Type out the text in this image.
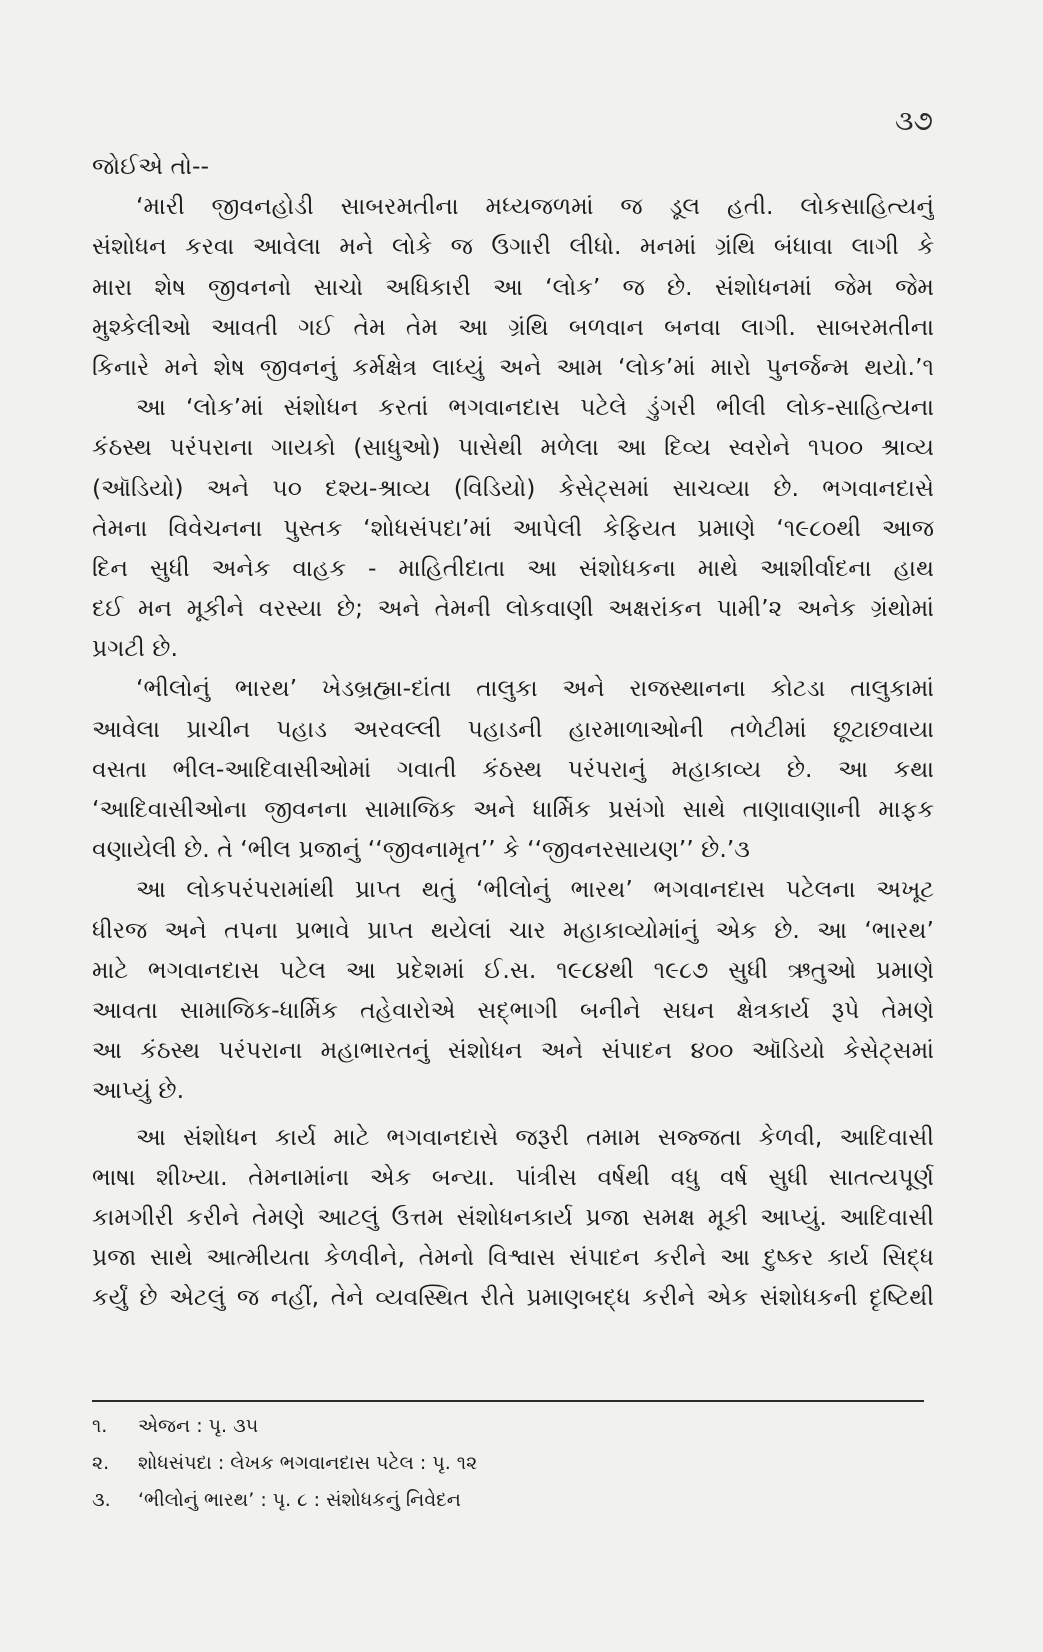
૩૭
જોઈએ તો--
‘મારી જીવનહોડી સાબરમતીના મધ્યજળમાં જ ડૂલ હતી. લોકસાહિત્યનું
સંશોધન કરવા આવેલા મને લોકે જ ઉગારી લીધો. મનમાં ગ્રંથિ બંધાવા લાગી કે
મારા શેષ જીવનનો સાચો અધિકારી આ ‘લોક’ જ છે. સંશોધનમાં જેમ જેમ
મુશ્કેલીઓ આવતી ગઈ તેમ તેમ આ ગ્રંથિ બળવાન બનવા લાગી. સાબરમતીના
કિનારે મને શેષ જીવનનું કર્મક્ષેત્ર લાધ્યું અને આમ ‘લોક’માં મારો પુનર્જન્મ થયો.’૧
આ ‘લોક’માં સંશોધન કરતાં ભગવાનદાસ પટેલે ડુંગરી ભીલી લોક-સાહિત્યના
કંઠસ્થ પરંપરાના ગાયકો (સાધુઓ) પાસેથી મળેલા આ દિવ્ય સ્વરોને ૧૫૦૦ શ્રાવ્ય
(ઑડિયો) અને ૫૦ દશ્ય-શ્રાવ્ય (વિડિયો) કેસેટ્સમાં સાચવ્યા છે. ભગવાનદાસે
તેમના વિવેચનના પુસ્તક ‘શોધસંપદા’માં આપેલી કેફિયત પ્રમાણે ‘૧૯૮૦થી આજ
દિન સુધી અનેક વાહક - માહિતીદાતા આ સંશોધકના માથે આશીર્વાદના હાથ
દઈ મન મૂકીને વરસ્યા છે; અને તેમની લોકવાણી અક્ષરાંકન પામી’૨ અનેક ગ્રંથોમાં
પ્રગટી છે.
‘ભીલોનું ભારથ’ ખેડબ્રહ્મા-દાંતા તાલુકા અને રાજસ્થાનના કોટડા તાલુકામાં
આવેલા પ્રાચીન પહાડ અરવલ્લી પહાડની હારમાળાઓની તળેટીમાં છૂટાછવાયા
વસતા ભીલ-આદિવાસીઓમાં ગવાતી કંઠસ્થ પરંપરાનું મહાકાવ્ય છે. આ કથા
‘આદિવાસીઓના જીવનના સામાજિક અને ધાર્મિક પ્રસંગો સાથે તાણાવાણાની માફક
વણાયેલી છે. તે ‘ભીલ પ્રજાનું ‘‘જીવનામૃત’’ કે ‘‘જીવનરસાયણ’’ છે.’૩
આ લોકપરંપરામાંથી પ્રાપ્ત થતું ‘ભીલોનું ભારથ’ ભગવાનદાસ પટેલના અખૂટ
ધીરજ અને તપના પ્રભાવે પ્રાપ્ત થયેલાં ચાર મહાકાવ્યોમાંનું એક છે. આ ‘ભારથ’
માટે ભગવાનદાસ પટેલ આ પ્રદેશમાં ઈ.સ. ૧૯૮૪થી ૧૯૮૭ સુધી ઋતુઓ પ્રમાણે
આવતા સામાજિક-ધાર્મિક તહેવારોએ સદ્‌ભાગી બનીને સઘન ક્ષેત્રકાર્ય રૂપે તેમણે
આ કંઠસ્થ પરંપરાના મહાભારતનું સંશોધન અને સંપાદન ૪૦૦ ઑડિયો કેસેટ્સમાં
આપ્યું છે.
આ સંશોધન કાર્ય માટે ભગવાનદાસે જરૂરી તમામ સજ્જતા કેળવી, આદિવાસી
ભાષા શીખ્યા. તેમનામાંના એક બન્યા. પાંત્રીસ વર્ષથી વધુ વર્ષ સુધી સાતત્યપૂર્ણ
કામગીરી કરીને તેમણે આટલું ઉત્તમ સંશોધનકાર્ય પ્રજા સમક્ષ મૂકી આપ્યું. આદિવાસી
પ્રજા સાથે આત્મીયતા કેળવીને, તેમનો વિશ્વાસ સંપાદન કરીને આ દુષ્કર કાર્ય સિદ્ધ
કર્યું છે એટલું જ નહીં, તેને વ્યવસ્થિત રીતે પ્રમાણબદ્ધ કરીને એક સંશોધકની દૃષ્ટિથી
૧. એજન : પૃ. ૩૫
૨. શોધસંપદા : લેખક ભગવાનદાસ પટેલ : પૃ. ૧૨
૩. ‘ભીલોનું ભારથ’ : પૃ. ૮ : સંશોધકનું નિવેદન
